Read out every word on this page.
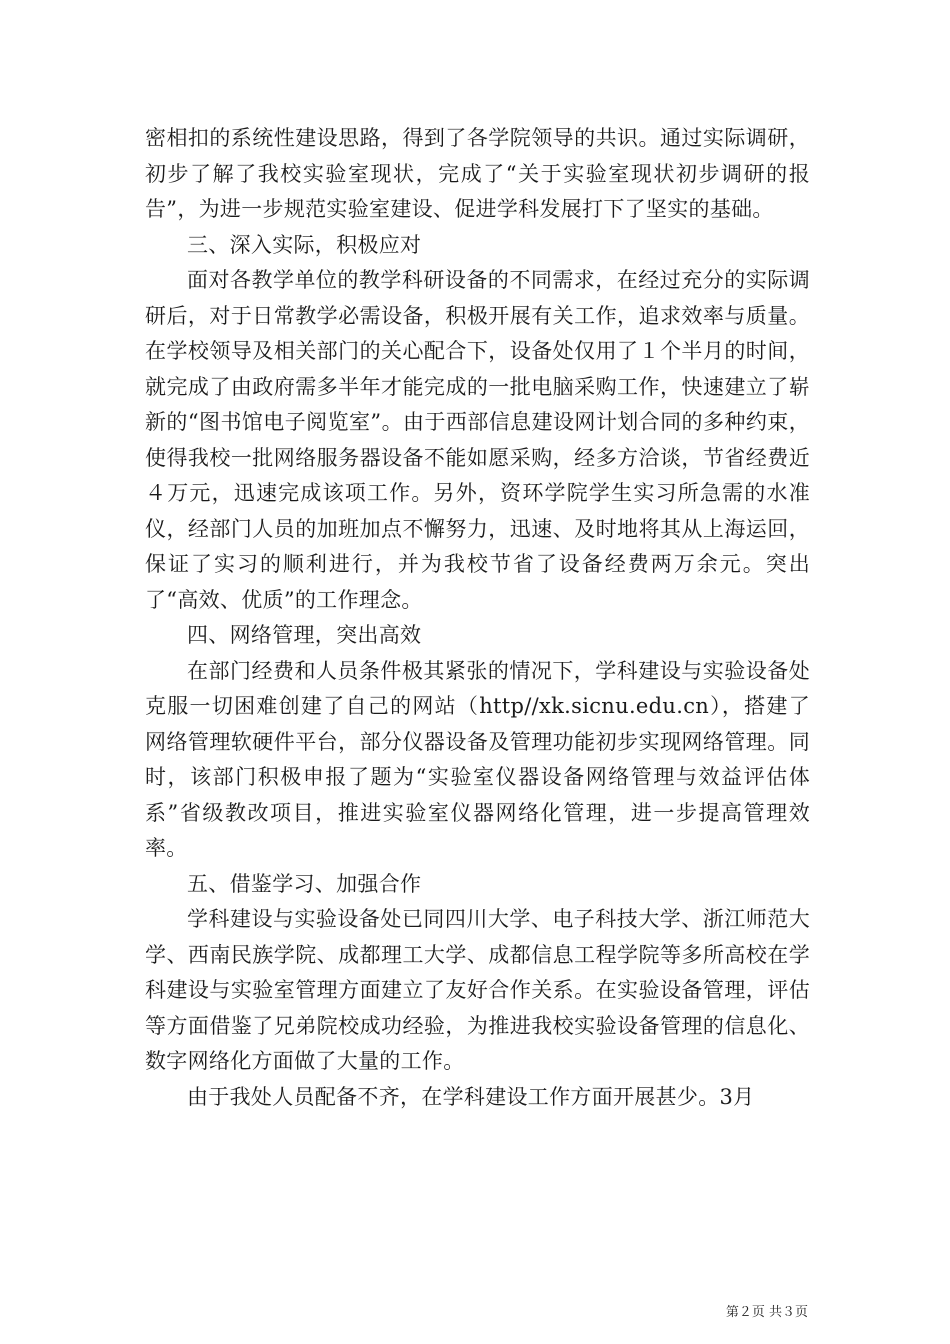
密相扣的系统性建设思路，得到了各学院领导的共识。通过实际调研，初步了解了我校实验室现状，完成了“关于实验室现状初步调研的报告”，为进一步规范实验室建设、促进学科发展打下了坚实的基础。

三、深入实际，积极应对

面对各教学单位的教学科研设备的不同需求，在经过充分的实际调研后，对于日常教学必需设备，积极开展有关工作，追求效率与质量。在学校领导及相关部门的关心配合下，设备处仅用了１个半月的时间，就完成了由政府需多半年才能完成的一批电脑采购工作，快速建立了崭新的“图书馆电子阅览室”。由于西部信息建设网计划合同的多种约束，使得我校一批网络服务器设备不能如愿采购，经多方洽谈，节省经费近４万元，迅速完成该项工作。另外，资环学院学生实习所急需的水准仪，经部门人员的加班加点不懈努力，迅速、及时地将其从上海运回，保证了实习的顺利进行，并为我校节省了设备经费两万余元。突出了“高效、优质”的工作理念。

四、网络管理，突出高效

在部门经费和人员条件极其紧张的情况下，学科建设与实验设备处克服一切困难创建了自己的网站（http//xk.sicnu.edu.cn），搭建了网络管理软硬件平台，部分仪器设备及管理功能初步实现网络管理。同时，该部门积极申报了题为“实验室仪器设备网络管理与效益评估体系”省级教改项目，推进实验室仪器网络化管理，进一步提高管理效率。

五、借鉴学习、加强合作

学科建设与实验设备处已同四川大学、电子科技大学、浙江师范大学、西南民族学院、成都理工大学、成都信息工程学院等多所高校在学科建设与实验室管理方面建立了友好合作关系。在实验设备管理，评估等方面借鉴了兄弟院校成功经验，为推进我校实验设备管理的信息化、数字网络化方面做了大量的工作。

由于我处人员配备不齐，在学科建设工作方面开展甚少。3月

第２页 共３页
